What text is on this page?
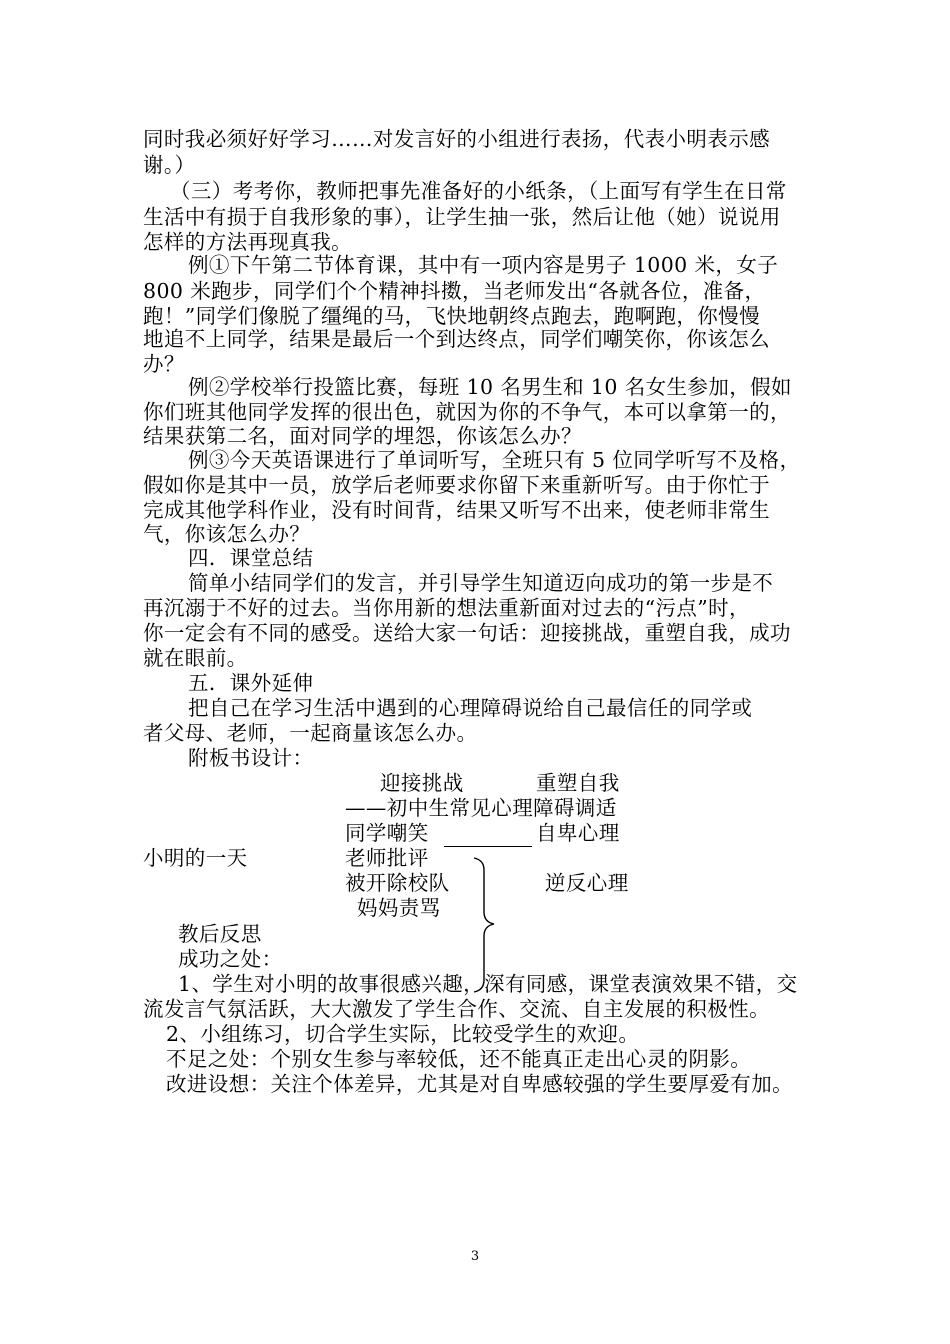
同时我必须好好学习……对发言好的小组进行表扬，代表小明表示感
谢。）
（三）考考你，教师把事先准备好的小纸条，（上面写有学生在日常
生活中有损于自我形象的事），让学生抽一张，然后让他（她）说说用
怎样的方法再现真我。
例①下午第二节体育课，其中有一项内容是男子 1000 米，女子
800 米跑步，同学们个个精神抖擞，当老师发出“各就各位，准备，
跑！”同学们像脱了缰绳的马，飞快地朝终点跑去，跑啊跑，你慢慢
地追不上同学，结果是最后一个到达终点，同学们嘲笑你，你该怎么
办？
例②学校举行投篮比赛，每班 10 名男生和 10 名女生参加，假如
你们班其他同学发挥的很出色，就因为你的不争气，本可以拿第一的，
结果获第二名，面对同学的埋怨，你该怎么办？
例③今天英语课进行了单词听写，全班只有 5 位同学听写不及格，
假如你是其中一员，放学后老师要求你留下来重新听写。由于你忙于
完成其他学科作业，没有时间背，结果又听写不出来，使老师非常生
气，你该怎么办？
四．课堂总结
简单小结同学们的发言，并引导学生知道迈向成功的第一步是不
再沉溺于不好的过去。当你用新的想法重新面对过去的“污点”时，
你一定会有不同的感受。送给大家一句话：迎接挑战，重塑自我，成功
就在眼前。
五．课外延伸
把自己在学习生活中遇到的心理障碍说给自己最信任的同学或
者父母、老师，一起商量该怎么办。
附板书设计：
迎接挑战	重塑自我
——初中生常见心理障碍调适
同学嘲笑	自卑心理
小明的一天	老师批评
逆反心理
被开除校队
妈妈责骂
教后反思
成功之处：
1、学生对小明的故事很感兴趣，深有同感，课堂表演效果不错，交
流发言气氛活跃，大大激发了学生合作、交流、自主发展的积极性。
2、小组练习，切合学生实际，比较受学生的欢迎。
不足之处：个别女生参与率较低，还不能真正走出心灵的阴影。
改进设想：关注个体差异，尤其是对自卑感较强的学生要厚爱有加。
3
